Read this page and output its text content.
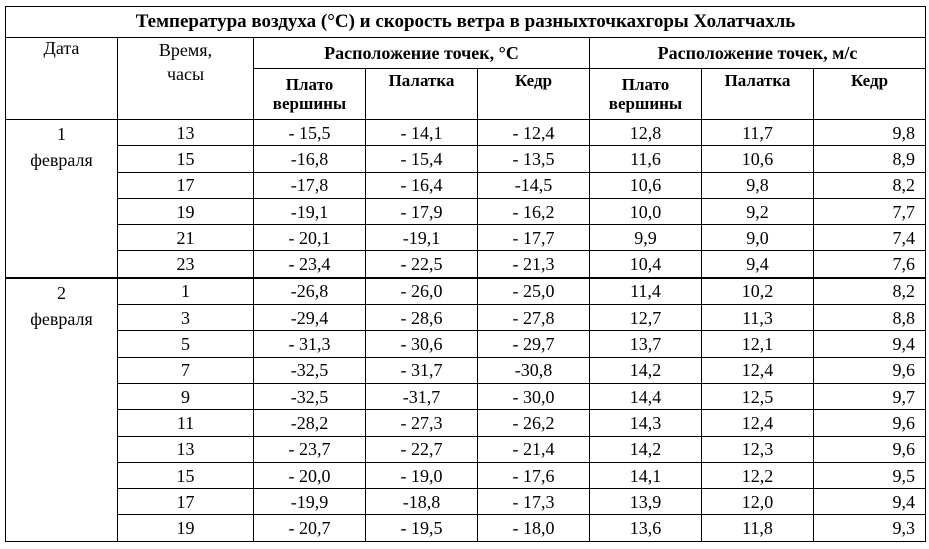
Температура воздуха (°С) и скорость ветра в разныхточкахгоры Холатчахль							
Дата	Время, часы	Расположение точек, °С			Расположение точек, м/с		
		Плато вершины	Палатка	Кедр	Плато вершины	Палатка	Кедр

1
февраля	13	- 15,5	- 14,1	- 12,4	12,8	11,7	9,8
	15	-16,8	- 15,4	- 13,5	11,6	10,6	8,9
	17	-17,8	- 16,4	-14,5	10,6	9,8	8,2
	19	-19,1	- 17,9	- 16,2	10,0	9,2	7,7
	21	- 20,1	-19,1	- 17,7	9,9	9,0	7,4
	23	- 23,4	- 22,5	- 21,3	10,4	9,4	7,6

2
февраля	1	-26,8	- 26,0	- 25,0	11,4	10,2	8,2
	3	-29,4	- 28,6	- 27,8	12,7	11,3	8,8
	5	- 31,3	- 30,6	- 29,7	13,7	12,1	9,4
	7	-32,5	- 31,7	-30,8	14,2	12,4	9,6
	9	-32,5	-31,7	- 30,0	14,4	12,5	9,7
	11	-28,2	- 27,3	- 26,2	14,3	12,4	9,6
	13	- 23,7	- 22,7	- 21,4	14,2	12,3	9,6
	15	- 20,0	- 19,0	- 17,6	14,1	12,2	9,5
	17	-19,9	-18,8	- 17,3	13,9	12,0	9,4
	19	- 20,7	- 19,5	- 18,0	13,6	11,8	9,3
